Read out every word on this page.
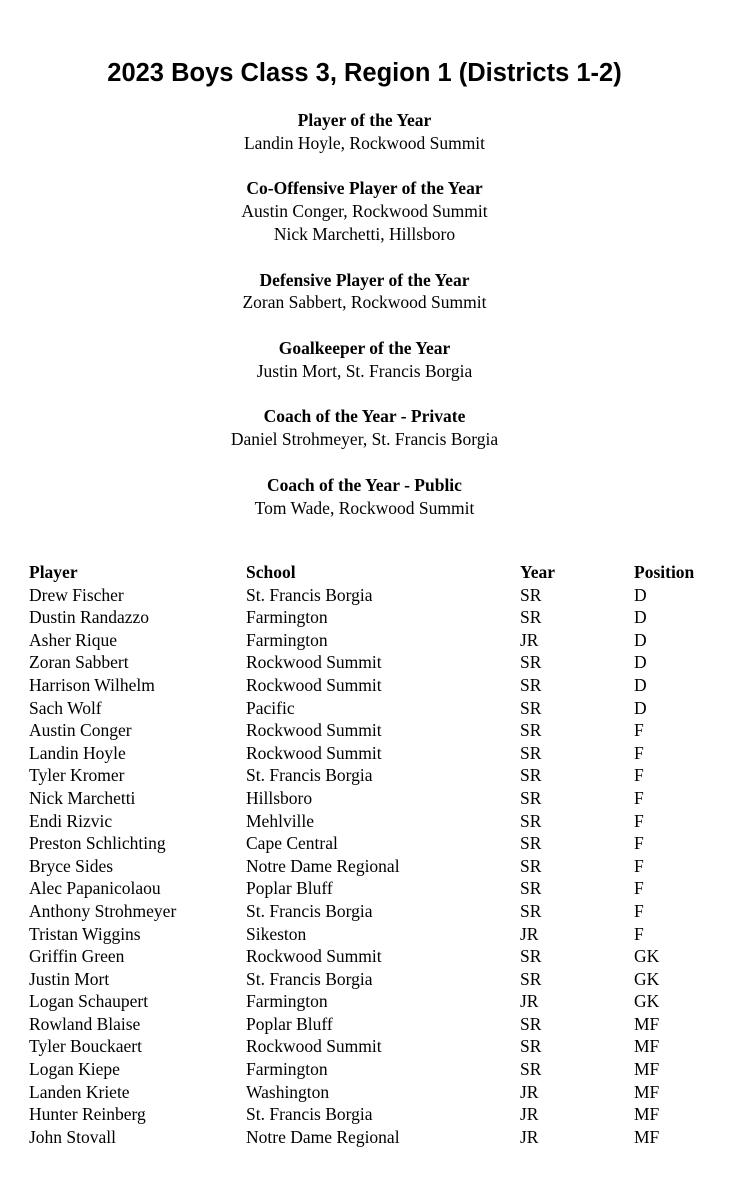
2023 Boys Class 3, Region 1 (Districts 1-2)
Player of the Year
Landin Hoyle, Rockwood Summit
Co-Offensive Player of the Year
Austin Conger, Rockwood Summit
Nick Marchetti, Hillsboro
Defensive Player of the Year
Zoran Sabbert, Rockwood Summit
Goalkeeper of the Year
Justin Mort, St. Francis Borgia
Coach of the Year - Private
Daniel Strohmeyer, St. Francis Borgia
Coach of the Year - Public
Tom Wade, Rockwood Summit
Player	School	Year	Position
Drew Fischer	St. Francis Borgia	SR	D
Dustin Randazzo	Farmington	SR	D
Asher Rique	Farmington	JR	D
Zoran Sabbert	Rockwood Summit	SR	D
Harrison Wilhelm	Rockwood Summit	SR	D
Sach Wolf	Pacific	SR	D
Austin Conger	Rockwood Summit	SR	F
Landin Hoyle	Rockwood Summit	SR	F
Tyler Kromer	St. Francis Borgia	SR	F
Nick Marchetti	Hillsboro	SR	F
Endi Rizvic	Mehlville	SR	F
Preston Schlichting	Cape Central	SR	F
Bryce Sides	Notre Dame Regional	SR	F
Alec Papanicolaou	Poplar Bluff	SR	F
Anthony Strohmeyer	St. Francis Borgia	SR	F
Tristan Wiggins	Sikeston	JR	F
Griffin Green	Rockwood Summit	SR	GK
Justin Mort	St. Francis Borgia	SR	GK
Logan Schaupert	Farmington	JR	GK
Rowland Blaise	Poplar Bluff	SR	MF
Tyler Bouckaert	Rockwood Summit	SR	MF
Logan Kiepe	Farmington	SR	MF
Landen Kriete	Washington	JR	MF
Hunter Reinberg	St. Francis Borgia	JR	MF
John Stovall	Notre Dame Regional	JR	MF
